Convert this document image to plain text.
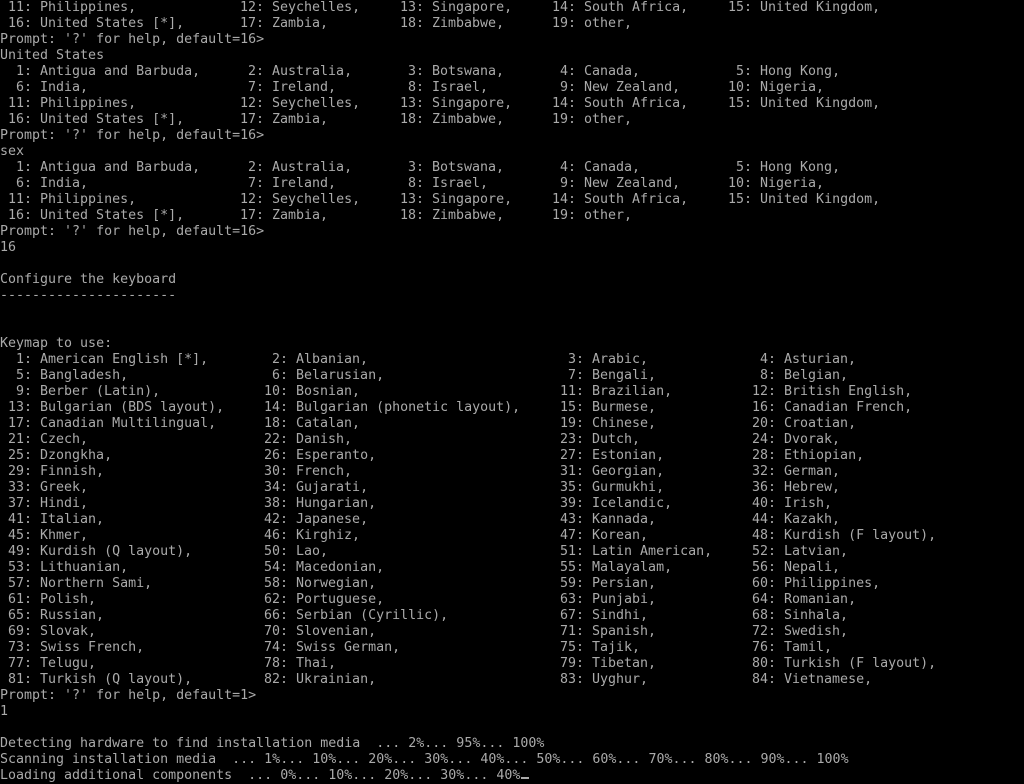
11: Philippines,	12: Seychelles,	13: Singapore,	14: South Africa,	15: United Kingdom,
16: United States [*],	17: Zambia,	18: Zimbabwe,	19: other,
Prompt: '?' for help, default=16>
United States
1: Antigua and Barbuda,	2: Australia,	3: Botswana,	4: Canada,	5: Hong Kong,
6: India,	7: Ireland,	8: Israel,	9: New Zealand,	10: Nigeria,
11: Philippines,	12: Seychelles,	13: Singapore,	14: South Africa,	15: United Kingdom,
16: United States [*],	17: Zambia,	18: Zimbabwe,	19: other,
Prompt: '?' for help, default=16>
sex
1: Antigua and Barbuda,	2: Australia,	3: Botswana,	4: Canada,	5: Hong Kong,
6: India,	7: Ireland,	8: Israel,	9: New Zealand,	10: Nigeria,
11: Philippines,	12: Seychelles,	13: Singapore,	14: South Africa,	15: United Kingdom,
16: United States [*],	17: Zambia,	18: Zimbabwe,	19: other,
Prompt: '?' for help, default=16>
16
Configure the keyboard
----------------------
Keymap to use:
1: American English [*],	2: Albanian,	3: Arabic,	4: Asturian,
5: Bangladesh,	6: Belarusian,	7: Bengali,	8: Belgian,
9: Berber (Latin),	10: Bosnian,	11: Brazilian,	12: British English,
13: Bulgarian (BDS layout),	14: Bulgarian (phonetic layout),	15: Burmese,	16: Canadian French,
17: Canadian Multilingual,	18: Catalan,	19: Chinese,	20: Croatian,
21: Czech,	22: Danish,	23: Dutch,	24: Dvorak,
25: Dzongkha,	26: Esperanto,	27: Estonian,	28: Ethiopian,
29: Finnish,	30: French,	31: Georgian,	32: German,
33: Greek,	34: Gujarati,	35: Gurmukhi,	36: Hebrew,
37: Hindi,	38: Hungarian,	39: Icelandic,	40: Irish,
41: Italian,	42: Japanese,	43: Kannada,	44: Kazakh,
45: Khmer,	46: Kirghiz,	47: Korean,	48: Kurdish (F layout),
49: Kurdish (Q layout),	50: Lao,	51: Latin American,	52: Latvian,
53: Lithuanian,	54: Macedonian,	55: Malayalam,	56: Nepali,
57: Northern Sami,	58: Norwegian,	59: Persian,	60: Philippines,
61: Polish,	62: Portuguese,	63: Punjabi,	64: Romanian,
65: Russian,	66: Serbian (Cyrillic),	67: Sindhi,	68: Sinhala,
69: Slovak,	70: Slovenian,	71: Spanish,	72: Swedish,
73: Swiss French,	74: Swiss German,	75: Tajik,	76: Tamil,
77: Telugu,	78: Thai,	79: Tibetan,	80: Turkish (F layout),
81: Turkish (Q layout),	82: Ukrainian,	83: Uyghur,	84: Vietnamese,
Prompt: '?' for help, default=1>
1
Detecting hardware to find installation media  ... 2%... 95%... 100%
Scanning installation media  ... 1%... 10%... 20%... 30%... 40%... 50%... 60%... 70%... 80%... 90%... 100%
Loading additional components  ... 0%... 10%... 20%... 30%... 40%
